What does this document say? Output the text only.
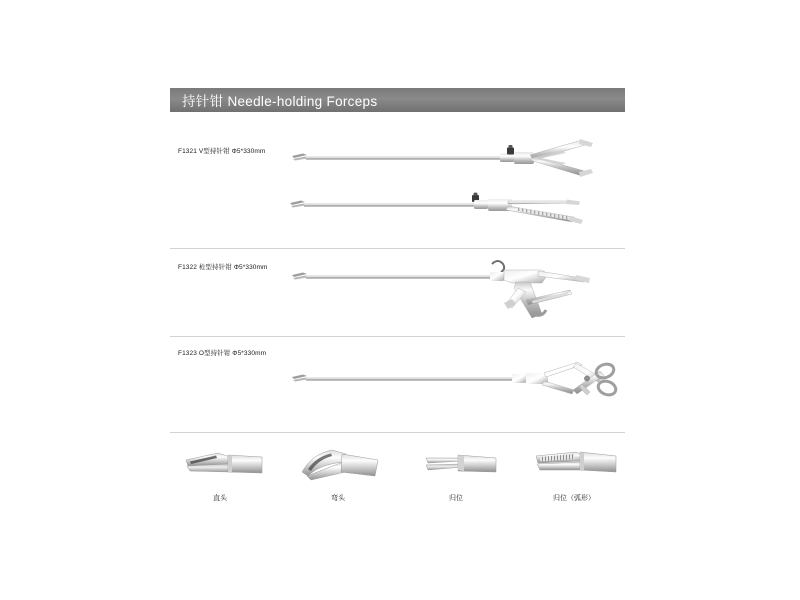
持针钳 Needle-holding Forceps
F1321 V型持针钳 Φ5*330mm
F1322 枪型持针钳 Φ5*330mm
F1323 O型持针钳 Φ5*330mm
直头	弯头	归位	归位（弧形）
